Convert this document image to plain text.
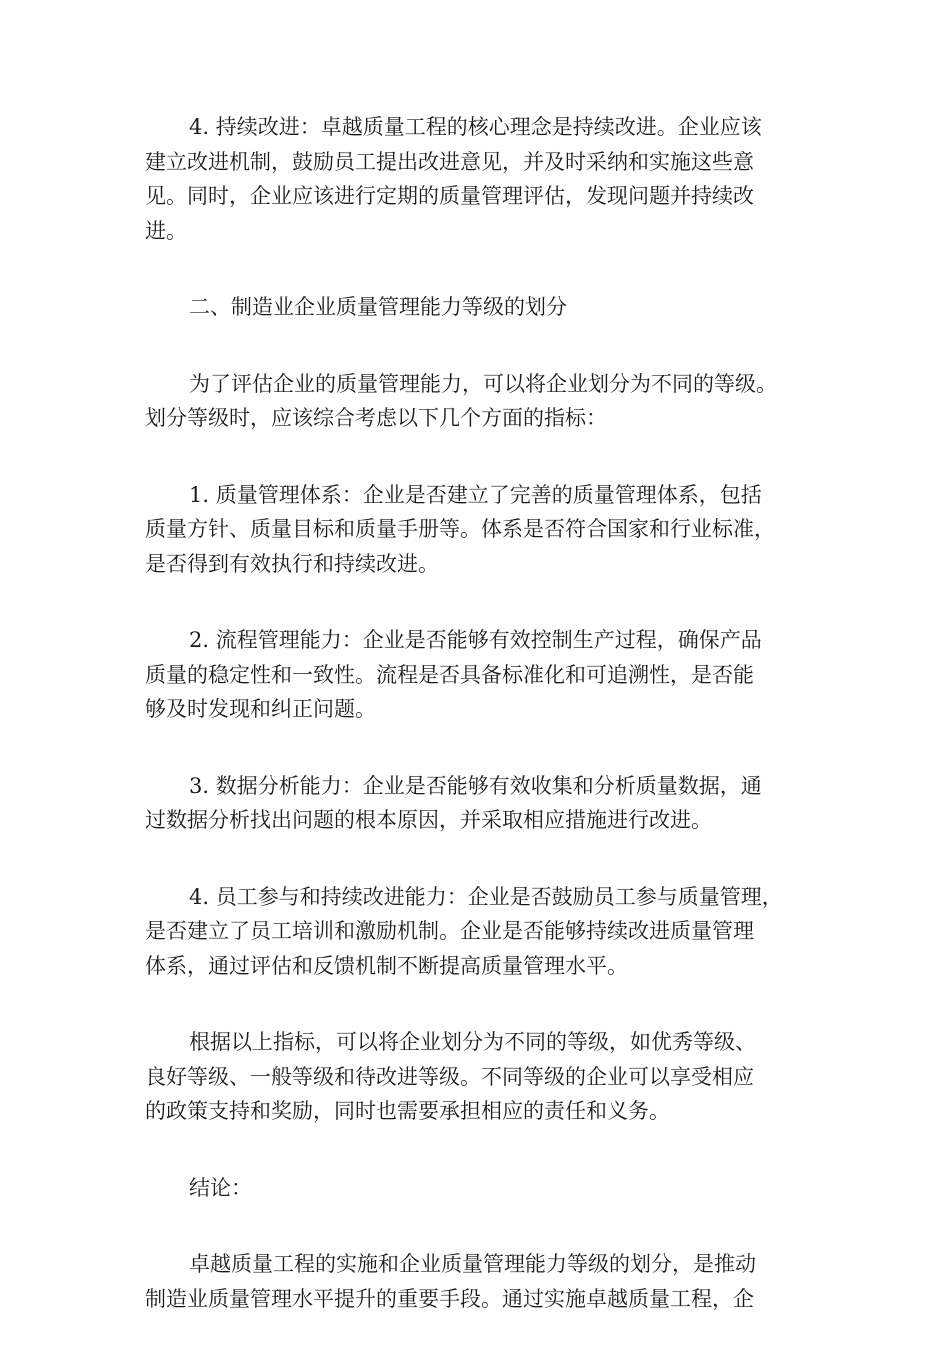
4. 持续改进：卓越质量工程的核心理念是持续改进。企业应该
建立改进机制，鼓励员工提出改进意见，并及时采纳和实施这些意
见。同时，企业应该进行定期的质量管理评估，发现问题并持续改
进。
二、制造业企业质量管理能力等级的划分
为了评估企业的质量管理能力，可以将企业划分为不同的等级。
划分等级时，应该综合考虑以下几个方面的指标：
1. 质量管理体系：企业是否建立了完善的质量管理体系，包括
质量方针、质量目标和质量手册等。体系是否符合国家和行业标准，
是否得到有效执行和持续改进。
2. 流程管理能力：企业是否能够有效控制生产过程，确保产品
质量的稳定性和一致性。流程是否具备标准化和可追溯性，是否能
够及时发现和纠正问题。
3. 数据分析能力：企业是否能够有效收集和分析质量数据，通
过数据分析找出问题的根本原因，并采取相应措施进行改进。
4. 员工参与和持续改进能力：企业是否鼓励员工参与质量管理，
是否建立了员工培训和激励机制。企业是否能够持续改进质量管理
体系，通过评估和反馈机制不断提高质量管理水平。
根据以上指标，可以将企业划分为不同的等级，如优秀等级、
良好等级、一般等级和待改进等级。不同等级的企业可以享受相应
的政策支持和奖励，同时也需要承担相应的责任和义务。
结论：
卓越质量工程的实施和企业质量管理能力等级的划分，是推动
制造业质量管理水平提升的重要手段。通过实施卓越质量工程，企
